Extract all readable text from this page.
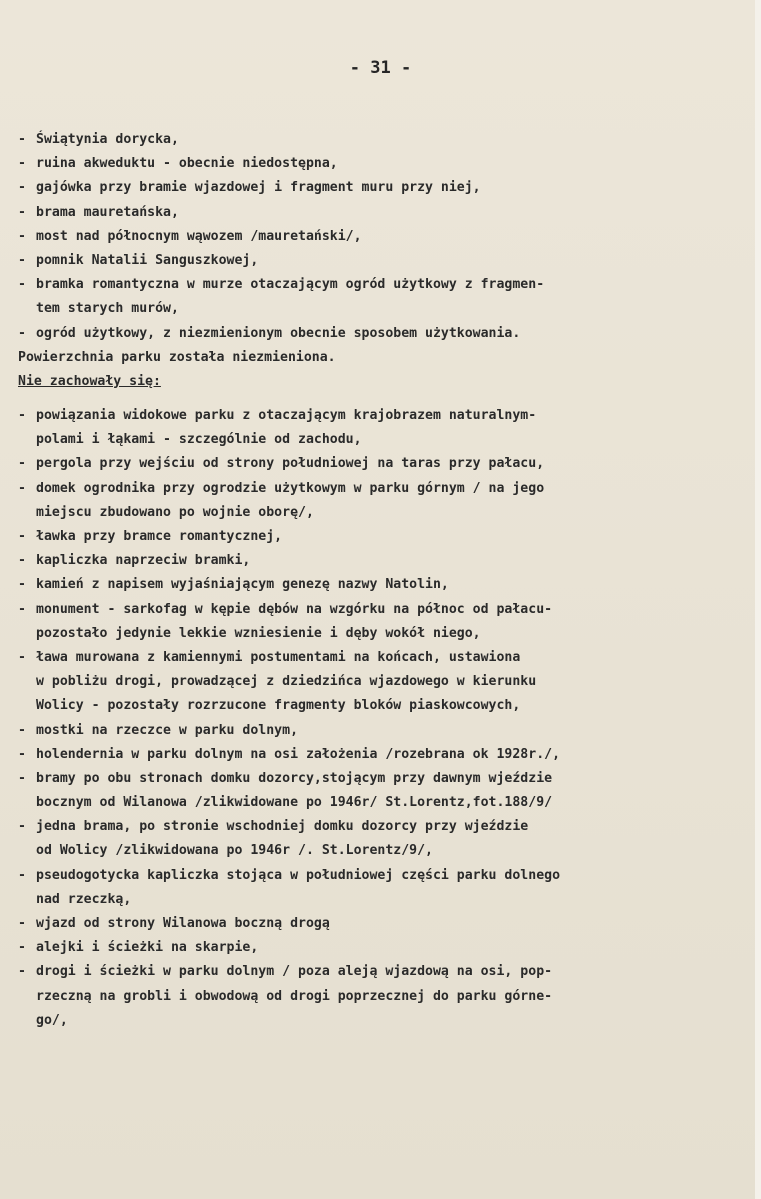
- 31 -
- Świątynia dorycka,
- ruina akweduktu - obecnie niedostępna,
- gajówka przy bramie wjazdowej i fragment muru przy niej,
- brama mauretańska,
- most nad północnym wąwozem /mauretański/,
- pomnik Natalii Sanguszkowej,
- bramka romantyczna w murze otaczającym ogród użytkowy z fragmen-
tem starych murów,
- ogród użytkowy, z niezmienionym obecnie sposobem użytkowania.
Powierzchnia parku została niezmieniona.
Nie zachowały się:
- powiązania widokowe parku z otaczającym krajobrazem naturalnym-
polami i łąkami - szczególnie od zachodu,
- pergola przy wejściu od strony południowej na taras przy pałacu,
- domek ogrodnika przy ogrodzie użytkowym w parku górnym / na jego
miejscu zbudowano po wojnie oborę/,
- ławka przy bramce romantycznej,
- kapliczka naprzeciw bramki,
- kamień z napisem wyjaśniającym genezę nazwy Natolin,
- monument - sarkofag w kępie dębów na wzgórku na północ od pałacu-
pozostało jedynie lekkie wzniesienie i dęby wokół niego,
- ława murowana z kamiennymi postumentami na końcach, ustawiona
w pobliżu drogi, prowadzącej z dziedzińca wjazdowego w kierunku
Wolicy - pozostały rozrzucone fragmenty bloków piaskowcowych,
- mostki na rzeczce w parku dolnym,
- holendernia w parku dolnym na osi założenia /rozebrana ok 1928r./,
- bramy po obu stronach domku dozorcy,stojącym przy dawnym wjeździe
bocznym od Wilanowa /zlikwidowane po 1946r/ St.Lorentz,fot.188/9/
- jedna brama, po stronie wschodniej domku dozorcy przy wjeździe
od Wolicy /zlikwidowana po 1946r /. St.Lorentz/9/,
- pseudogotycka kapliczka stojąca w południowej części parku dolnego
nad rzeczką,
- wjazd od strony Wilanowa boczną drogą
- alejki i ścieżki na skarpie,
- drogi i ścieżki w parku dolnym / poza aleją wjazdową na osi, pop-
rzeczną na grobli i obwodową od drogi poprzecznej do parku górne-
go/,
